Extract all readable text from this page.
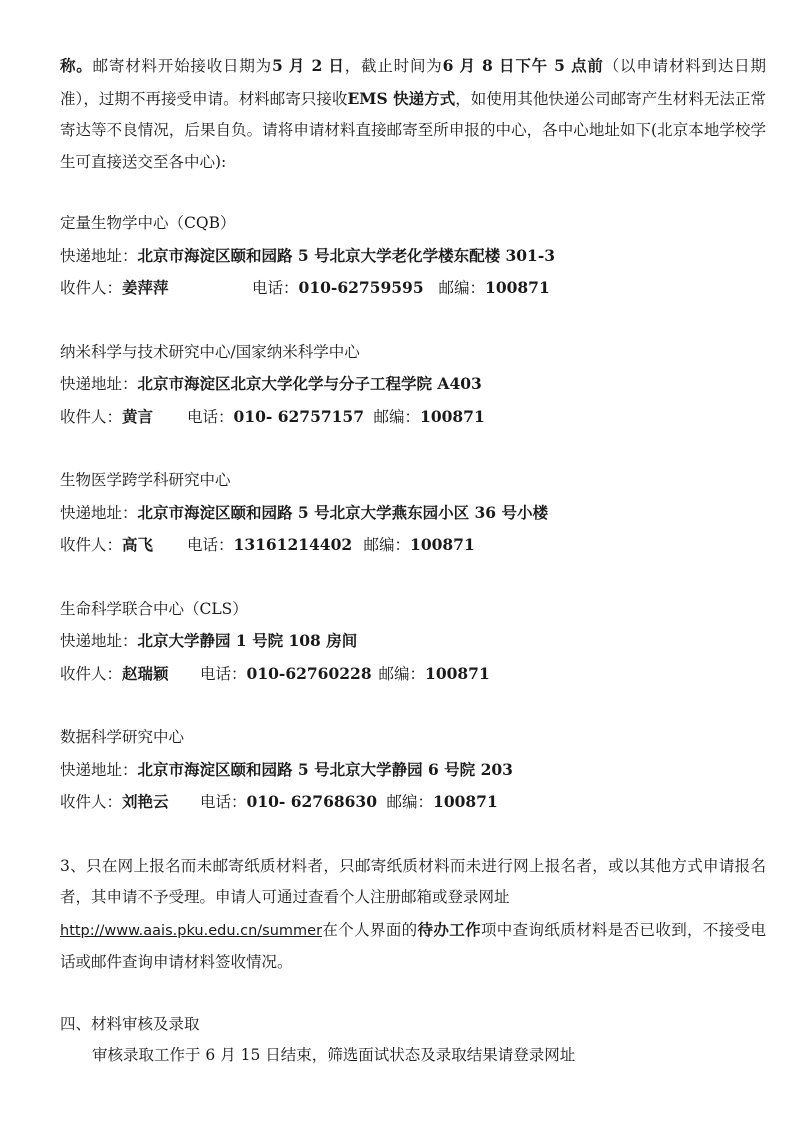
称。邮寄材料开始接收日期为5 月 2 日，截止时间为6 月 8 日下午 5 点前（以申请材料到达日期准），过期不再接受申请。材料邮寄只接收EMS 快递方式，如使用其他快递公司邮寄产生材料无法正常寄达等不良情况，后果自负。请将申请材料直接邮寄至所申报的中心，各中心地址如下(北京本地学校学生可直接送交至各中心):

定量生物学中心（CQB）

快递地址：北京市海淀区颐和园路 5 号北京大学老化学楼东配楼 301-3

收件人：姜萍萍	电话：010-62759595 邮编：100871

纳米科学与技术研究中心/国家纳米科学中心

快递地址：北京市海淀区北京大学化学与分子工程学院 A403

收件人：黄言 电话：010- 62757157 邮编：100871

生物医学跨学科研究中心

快递地址：北京市海淀区颐和园路 5 号北京大学燕东园小区 36 号小楼

收件人：高飞 电话：13161214402 邮编：100871

生命科学联合中心（CLS）

快递地址：北京大学静园 1 号院 108 房间

收件人：赵瑞颖 电话：010-62760228 邮编：100871

数据科学研究中心

快递地址：北京市海淀区颐和园路 5 号北京大学静园 6 号院 203

收件人：刘艳云 电话：010- 62768630 邮编：100871

3、只在网上报名而未邮寄纸质材料者，只邮寄纸质材料而未进行网上报名者，或以其他方式申请报名者，其申请不予受理。申请人可通过查看个人注册邮箱或登录网址
http://www.aais.pku.edu.cn/summer在个人界面的待办工作项中查询纸质材料是否已收到，不接受电话或邮件查询申请材料签收情况。

四、材料审核及录取

审核录取工作于 6 月 15 日结束，筛选面试状态及录取结果请登录网址
